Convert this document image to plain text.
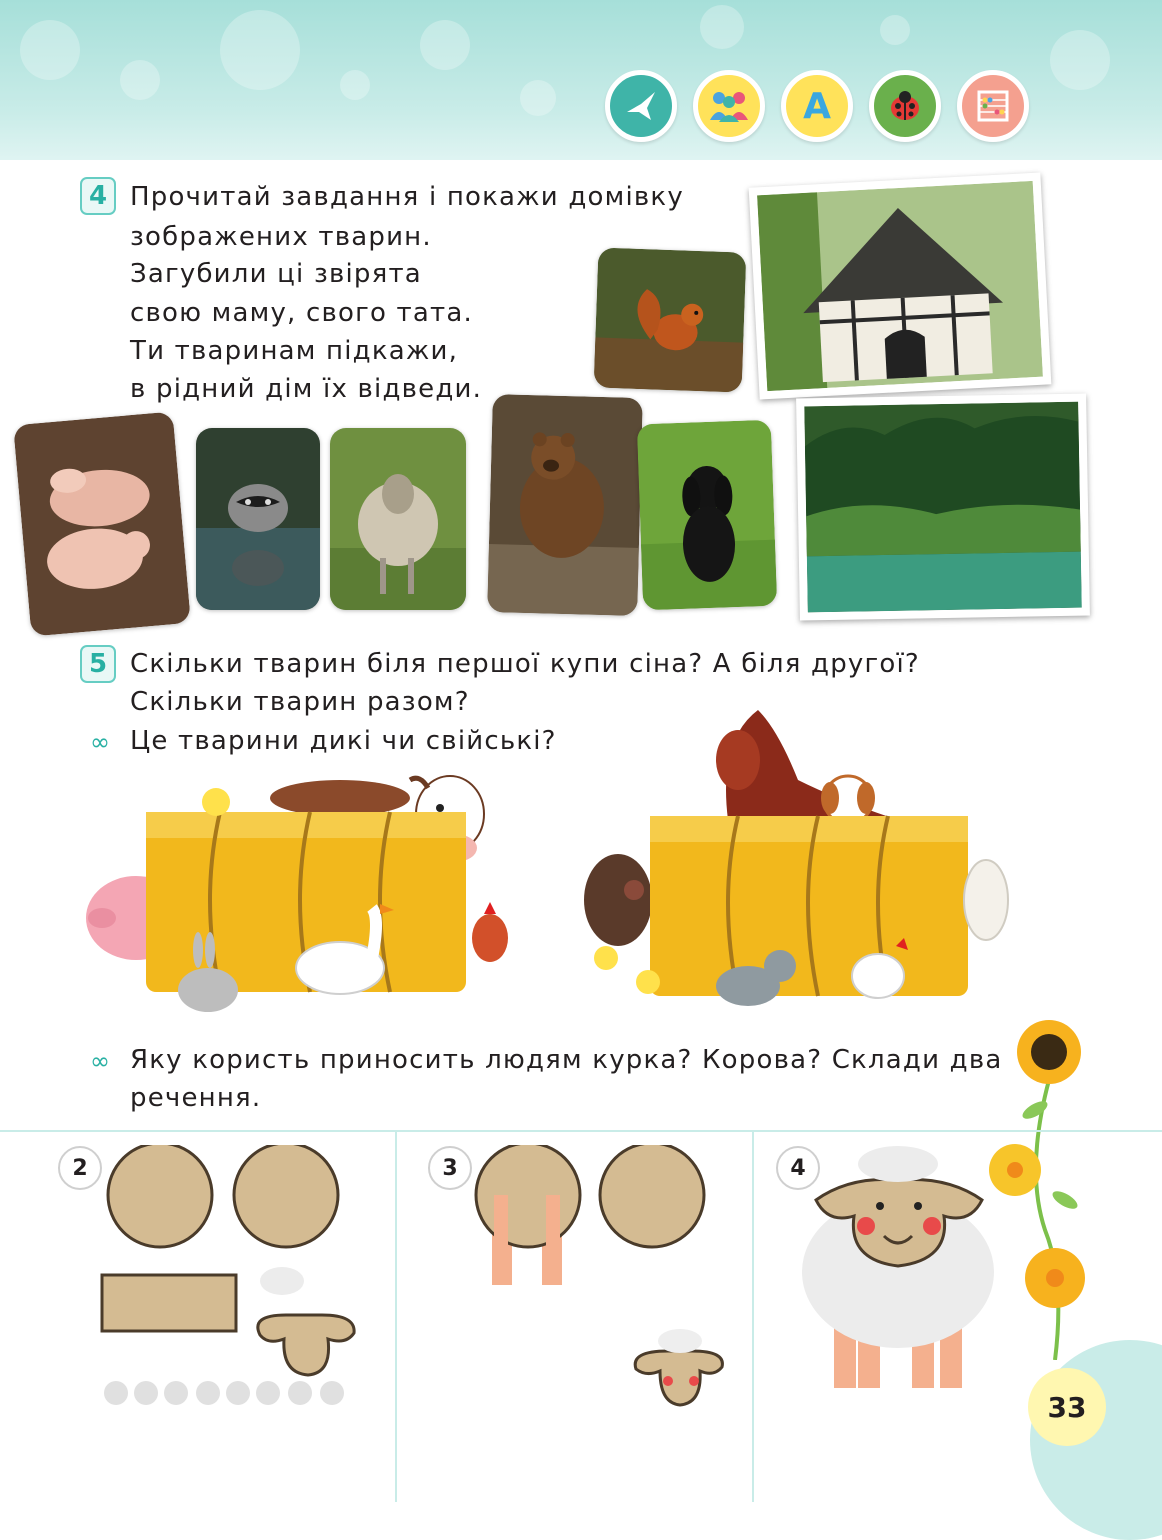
A
4 Прочитай завдання і покажи домівку
зображених тварин.
Загубили ці звірята
свою маму, свого тата.
Ти тваринам підкажи,
в рідний дім їх відведи.
5 Скільки тварин біля першої купи сіна? А біля другої?
Скільки тварин разом?
∞ Це тварини дикі чи свійські?
∞ Яку користь приносить людям курка? Корова? Склади два
речення.
2	3	4
33
